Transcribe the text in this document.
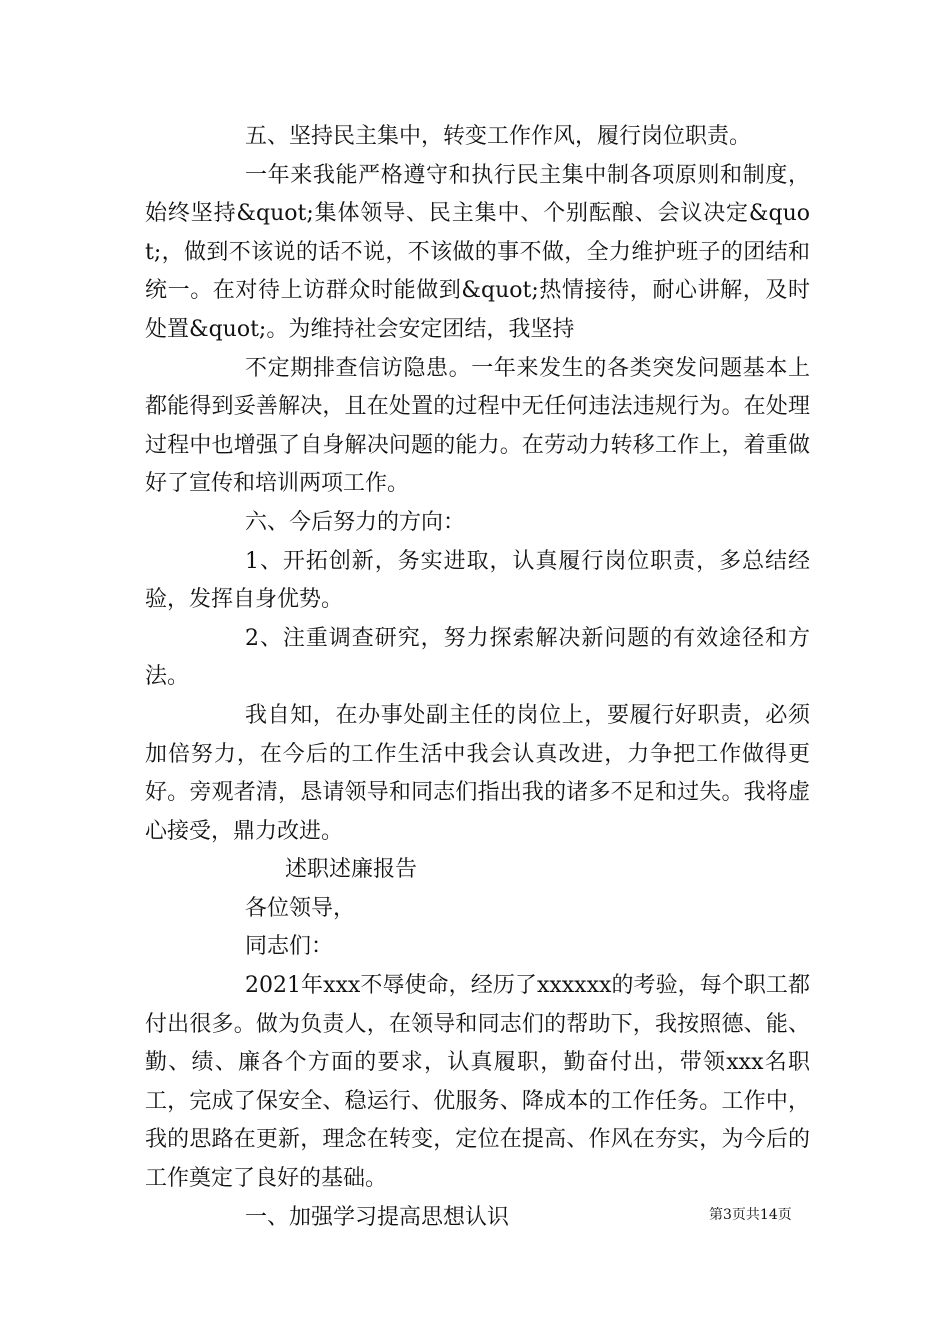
五、坚持民主集中，转变工作作风，履行岗位职责。

一年来我能严格遵守和执行民主集中制各项原则和制度，始终坚持&quot;集体领导、民主集中、个别酝酿、会议决定&quot;，做到不该说的话不说，不该做的事不做，全力维护班子的团结和统一。在对待上访群众时能做到&quot;热情接待，耐心讲解，及时处置&quot;。为维持社会安定团结，我坚持

不定期排查信访隐患。一年来发生的各类突发问题基本上都能得到妥善解决，且在处置的过程中无任何违法违规行为。在处理过程中也增强了自身解决问题的能力。在劳动力转移工作上，着重做好了宣传和培训两项工作。

六、今后努力的方向：

1、开拓创新，务实进取，认真履行岗位职责，多总结经验，发挥自身优势。

2、注重调查研究，努力探索解决新问题的有效途径和方法。

我自知，在办事处副主任的岗位上，要履行好职责，必须加倍努力，在今后的工作生活中我会认真改进，力争把工作做得更好。旁观者清，恳请领导和同志们指出我的诸多不足和过失。我将虚心接受，鼎力改进。

述职述廉报告

各位领导，

同志们：

2021年xxx不辱使命，经历了xxxxxx的考验，每个职工都付出很多。做为负责人，在领导和同志们的帮助下，我按照德、能、勤、绩、廉各个方面的要求，认真履职，勤奋付出，带领xxx名职工，完成了保安全、稳运行、优服务、降成本的工作任务。工作中，我的思路在更新，理念在转变，定位在提高、作风在夯实，为今后的工作奠定了良好的基础。

一、加强学习提高思想认识	第3页共14页
